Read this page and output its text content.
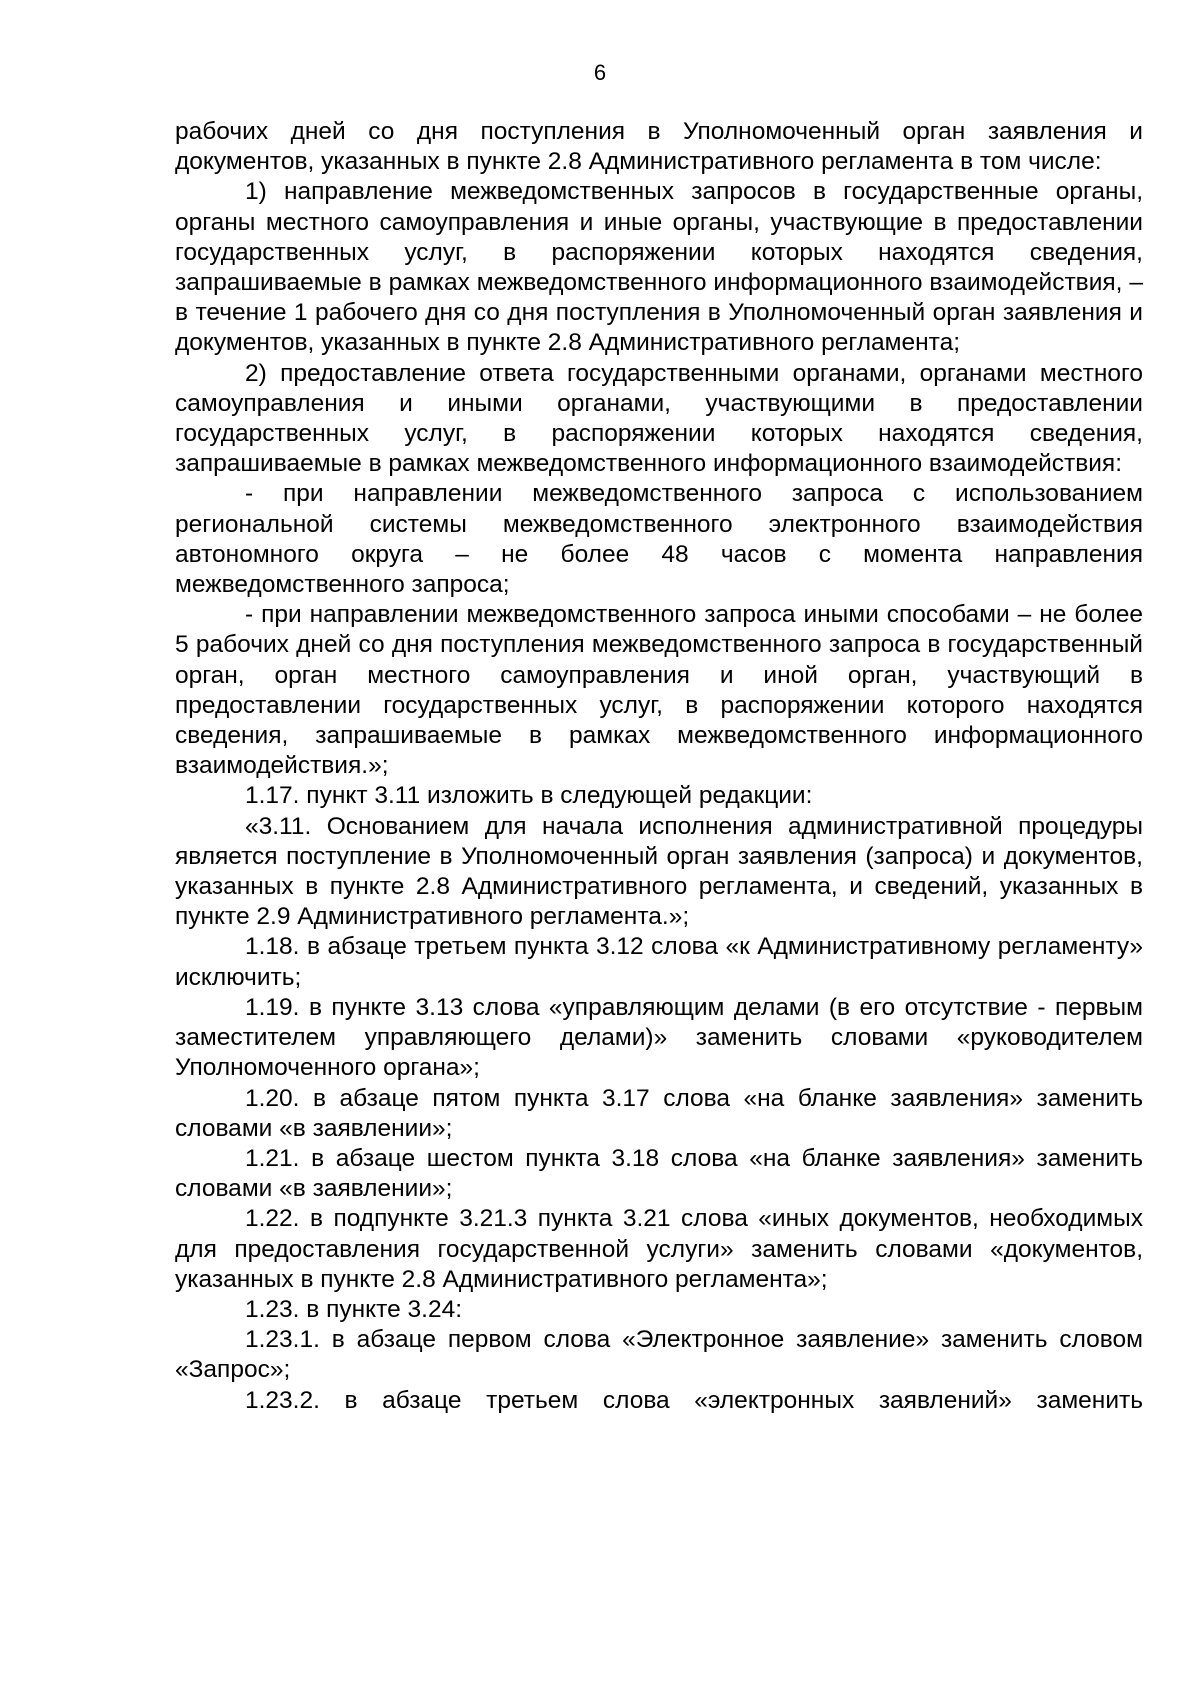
6

рабочих дней со дня поступления в Уполномоченный орган заявления и документов, указанных в пункте 2.8 Административного регламента в том числе:

1) направление межведомственных запросов в государственные органы, органы местного самоуправления и иные органы, участвующие в предоставлении государственных услуг, в распоряжении которых находятся сведения, запрашиваемые в рамках межведомственного информационного взаимодействия, – в течение 1 рабочего дня со дня поступления в Уполномоченный орган заявления и документов, указанных в пункте 2.8 Административного регламента;

2) предоставление ответа государственными органами, органами местного самоуправления и иными органами, участвующими в предоставлении государственных услуг, в распоряжении которых находятся сведения, запрашиваемые в рамках межведомственного информационного взаимодействия:

- при направлении межведомственного запроса с использованием региональной системы межведомственного электронного взаимодействия автономного округа – не более 48 часов с момента направления межведомственного запроса;

- при направлении межведомственного запроса иными способами – не более 5 рабочих дней со дня поступления межведомственного запроса в государственный орган, орган местного самоуправления и иной орган, участвующий в предоставлении государственных услуг, в распоряжении которого находятся сведения, запрашиваемые в рамках межведомственного информационного взаимодействия.»;

1.17. пункт 3.11 изложить в следующей редакции:

«3.11. Основанием для начала исполнения административной процедуры является поступление в Уполномоченный орган заявления (запроса) и документов, указанных в пункте 2.8 Административного регламента, и сведений, указанных в пункте 2.9 Административного регламента.»;

1.18. в абзаце третьем пункта 3.12 слова «к Административному регламенту» исключить;

1.19. в пункте 3.13 слова «управляющим делами (в его отсутствие - первым заместителем управляющего делами)» заменить словами «руководителем Уполномоченного органа»;

1.20. в абзаце пятом пункта 3.17 слова «на бланке заявления» заменить словами «в заявлении»;

1.21. в абзаце шестом пункта 3.18 слова «на бланке заявления» заменить словами «в заявлении»;

1.22. в подпункте 3.21.3 пункта 3.21 слова «иных документов, необходимых для предоставления государственной услуги» заменить словами «документов, указанных в пункте 2.8 Административного регламента»;

1.23. в пункте 3.24:

1.23.1. в абзаце первом слова «Электронное заявление» заменить словом «Запрос»;

1.23.2. в абзаце третьем слова «электронных заявлений» заменить
